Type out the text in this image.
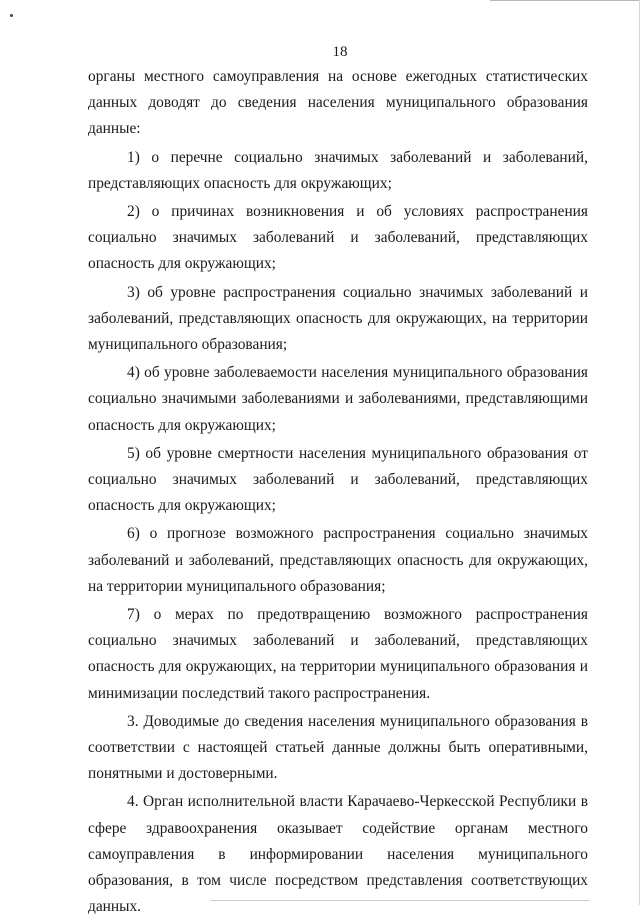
18

органы местного самоуправления на основе ежегодных статистических данных доводят до сведения населения муниципального образования данные:

1) о перечне социально значимых заболеваний и заболеваний, представляющих опасность для окружающих;

2) о причинах возникновения и об условиях распространения социально значимых заболеваний и заболеваний, представляющих опасность для окружающих;

3) об уровне распространения социально значимых заболеваний и заболеваний, представляющих опасность для окружающих, на территории муниципального образования;

4) об уровне заболеваемости населения муниципального образования социально значимыми заболеваниями и заболеваниями, представляющими опасность для окружающих;

5) об уровне смертности населения муниципального образования от социально значимых заболеваний и заболеваний, представляющих опасность для окружающих;

6) о прогнозе возможного распространения социально значимых заболеваний и заболеваний, представляющих опасность для окружающих, на территории муниципального образования;

7) о мерах по предотвращению возможного распространения социально значимых заболеваний и заболеваний, представляющих опасность для окружающих, на территории муниципального образования и минимизации последствий такого распространения.

3. Доводимые до сведения населения муниципального образования в соответствии с настоящей статьей данные должны быть оперативными, понятными и достоверными.

4. Орган исполнительной власти Карачаево-Черкесской Республики в сфере здравоохранения оказывает содействие органам местного самоуправления в информировании населения муниципального образования, в том числе посредством представления соответствующих данных.
